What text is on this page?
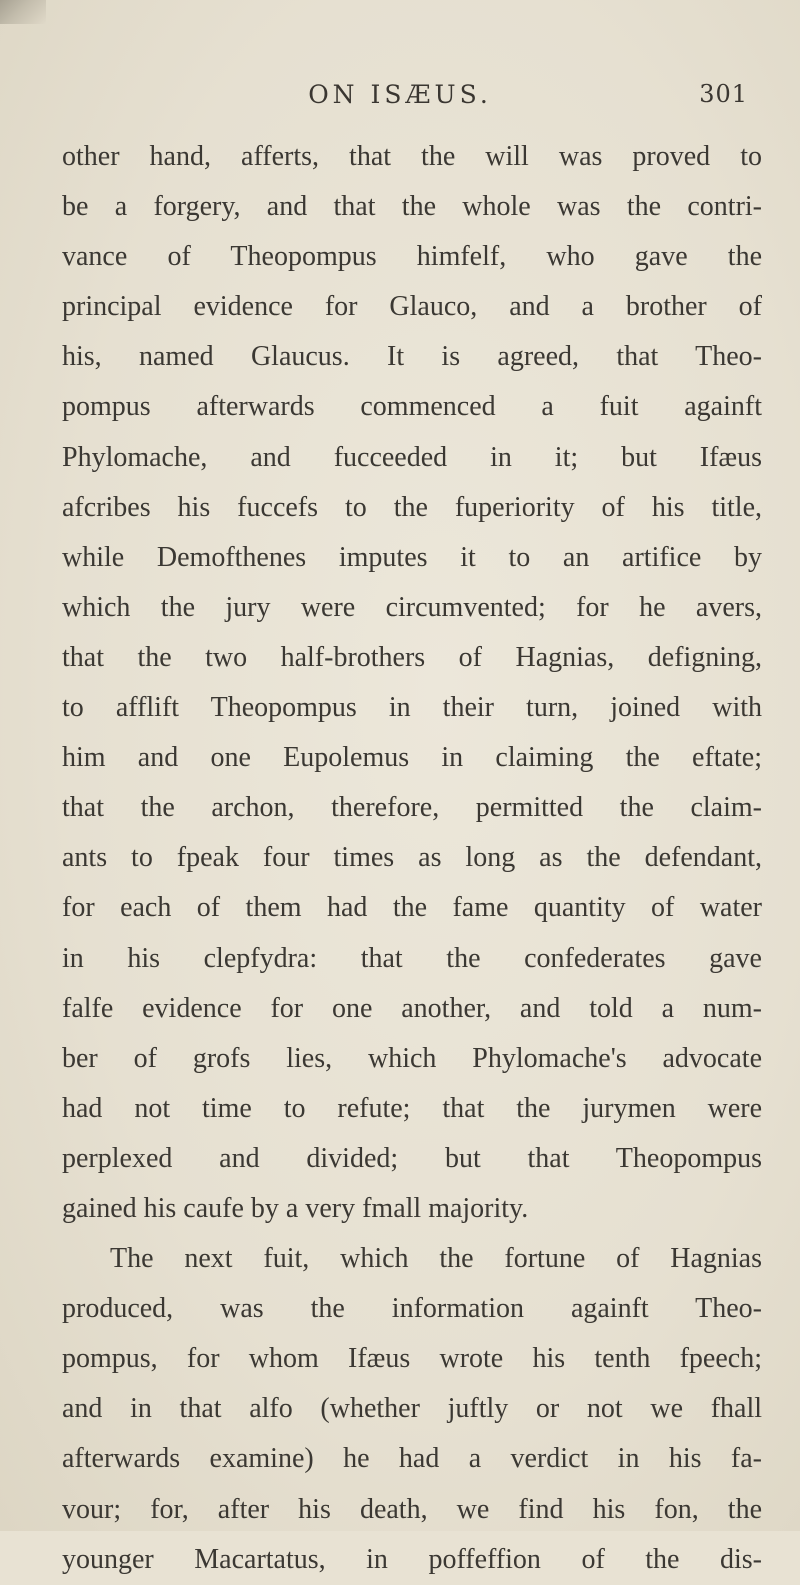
ON ISÆUS.	301
other hand, afferts, that the will was proved to
be a forgery, and that the whole was the contri-
vance of Theopompus himfelf, who gave the
principal evidence for Glauco, and a brother of
his, named Glaucus. It is agreed, that Theo-
pompus afterwards commenced a fuit againft
Phylomache, and fucceeded in it; but Ifæus
afcribes his fuccefs to the fuperiority of his title,
while Demofthenes imputes it to an artifice by
which the jury were circumvented; for he avers,
that the two half-brothers of Hagnias, defigning,
to afflift Theopompus in their turn, joined with
him and one Eupolemus in claiming the eftate;
that the archon, therefore, permitted the claim-
ants to fpeak four times as long as the defendant,
for each of them had the fame quantity of water
in his clepfydra: that the confederates gave
falfe evidence for one another, and told a num-
ber of grofs lies, which Phylomache's advocate
had not time to refute; that the jurymen were
perplexed and divided; but that Theopompus
gained his caufe by a very fmall majority.
The next fuit, which the fortune of Hagnias
produced, was the information againft Theo-
pompus, for whom Ifæus wrote his tenth fpeech;
and in that alfo (whether juftly or not we fhall
afterwards examine) he had a verdict in his fa-
vour; for, after his death, we find his fon, the
younger Macartatus, in poffeffion of the dis-
